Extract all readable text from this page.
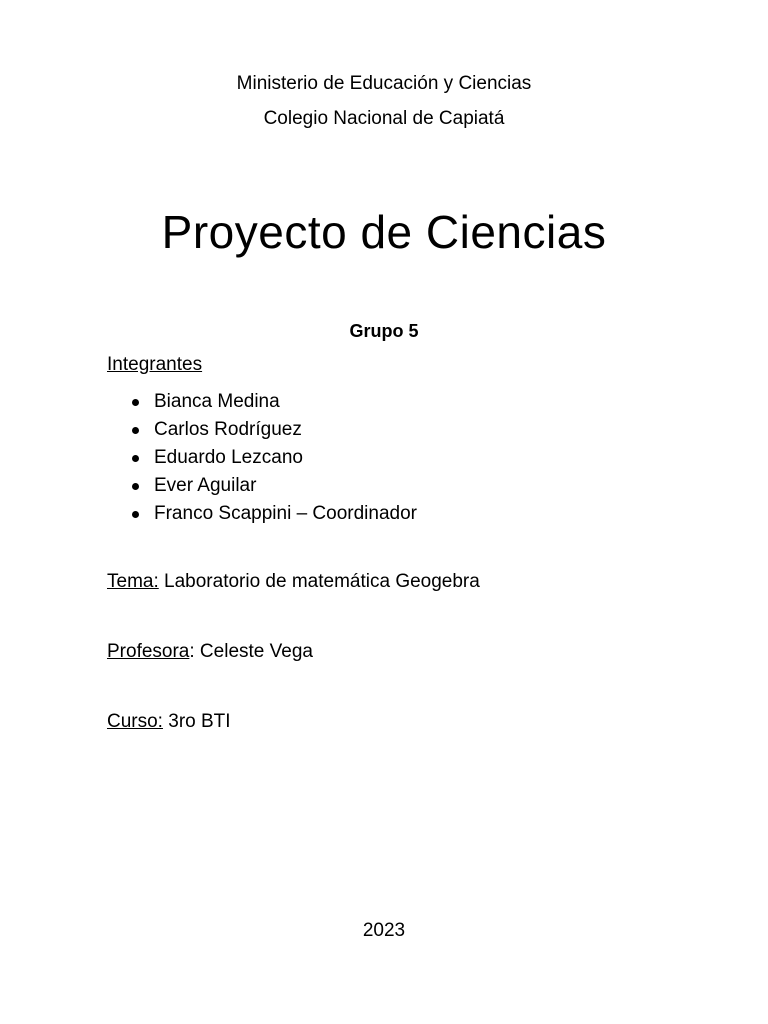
Ministerio de Educación y Ciencias
Colegio Nacional de Capiatá
Proyecto de Ciencias
Grupo 5
Integrantes
Bianca Medina
Carlos Rodríguez
Eduardo Lezcano
Ever Aguilar
Franco Scappini – Coordinador
Tema: Laboratorio de matemática Geogebra
Profesora: Celeste Vega
Curso: 3ro BTI
2023
